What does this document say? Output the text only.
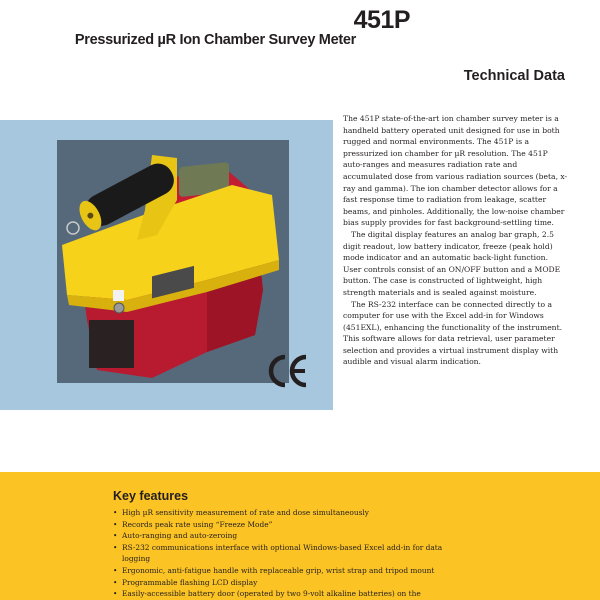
451P
Pressurized µR Ion Chamber Survey Meter
Technical Data

The 451P state-of-the-art ion chamber survey meter is a handheld battery operated unit designed for use in both rugged and normal environments. The 451P is a pressurized ion chamber for µR resolution. The 451P auto-ranges and measures radiation rate and accumulated dose from various radiation sources (beta, x-ray and gamma). The ion chamber detector allows for a fast response time to radiation from leakage, scatter beams, and pinholes. Additionally, the low-noise chamber bias supply provides for fast background-settling time.

The digital display features an analog bar graph, 2.5 digit readout, low battery indicator, freeze (peak hold) mode indicator and an automatic back-light function. User controls consist of an ON/OFF button and a MODE button. The case is constructed of lightweight, high strength materials and is sealed against moisture.

The RS-232 interface can be connected directly to a computer for use with the Excel add-in for Windows (451EXL), enhancing the functionality of the instrument. This software allows for data retrieval, user parameter selection and provides a virtual instrument display with audible and visual alarm indication.

Key features
• High µR sensitivity measurement of rate and dose simultaneously
• Records peak rate using “Freeze Mode”
• Auto-ranging and auto-zeroing
• RS-232 communications interface with optional Windows-based Excel add-in for data logging
• Ergonomic, anti-fatigue handle with replaceable grip, wrist strap and tripod mount
• Programmable flashing LCD display
• Easily-accessible battery door (operated by two 9-volt alkaline batteries) on the
